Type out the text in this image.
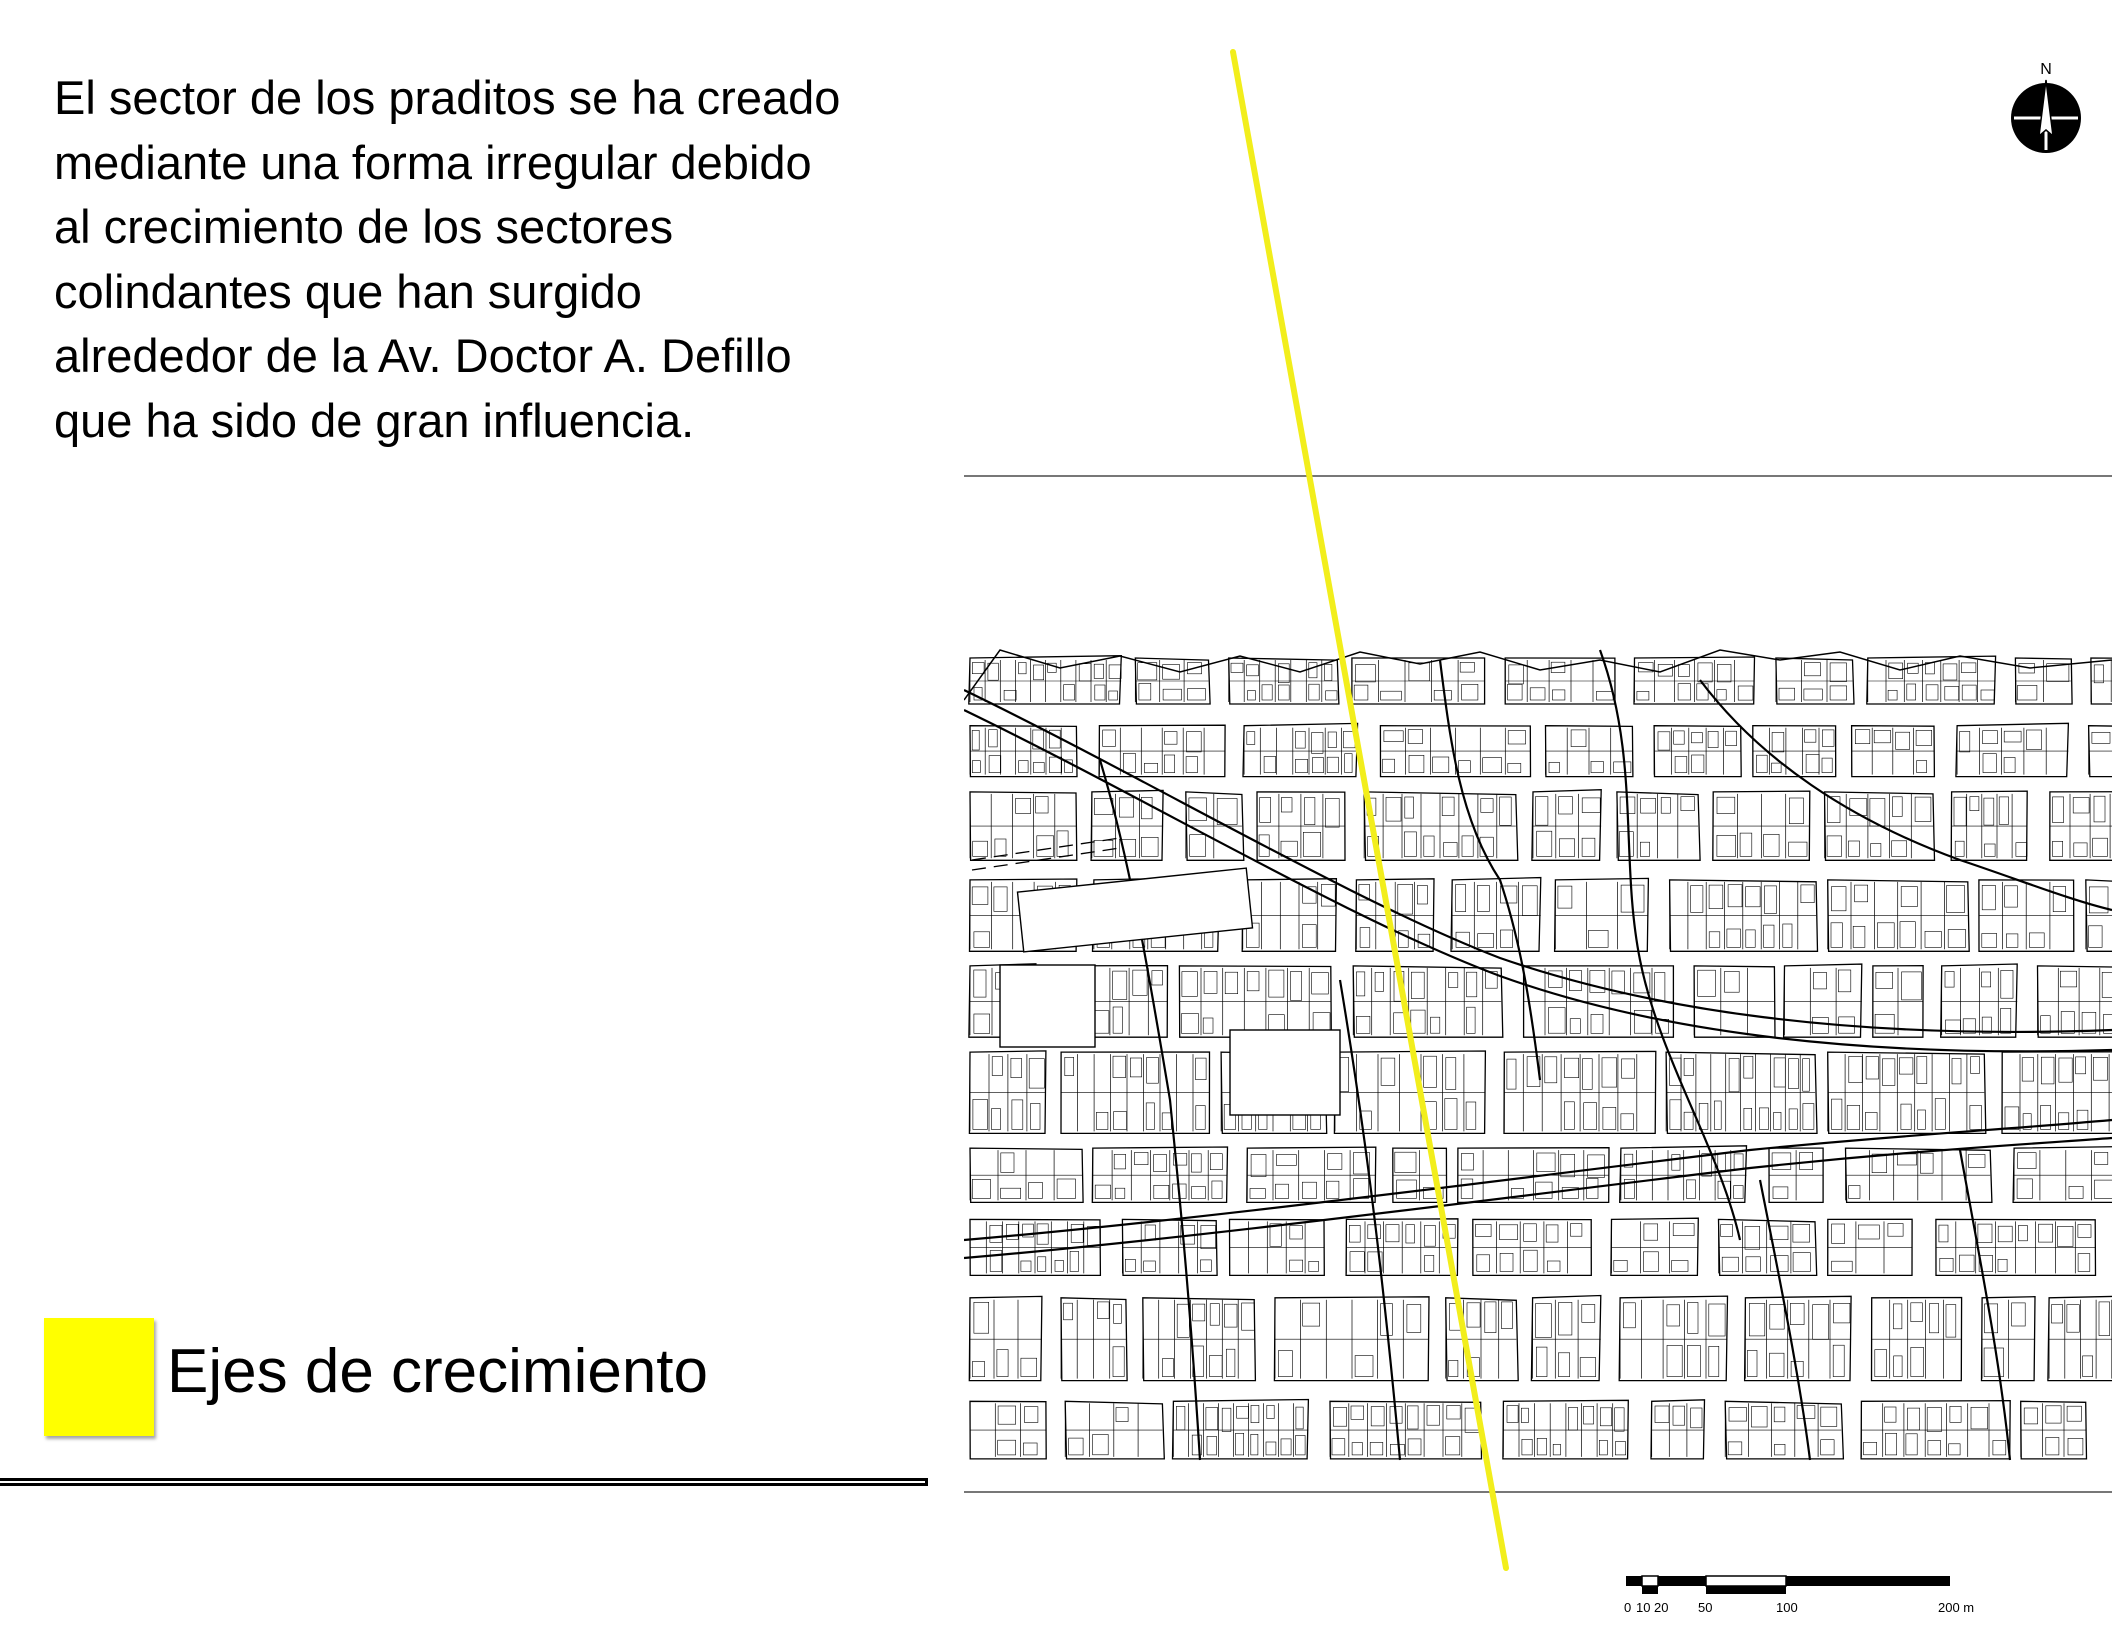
El sector de los praditos se ha creado
mediante una forma irregular debido
al crecimiento de los sectores
colindantes que han surgido
alrededor de la Av. Doctor A. Defillo
que ha sido de gran influencia.
Ejes de crecimiento
N
0 10 20 50	100	200 m
